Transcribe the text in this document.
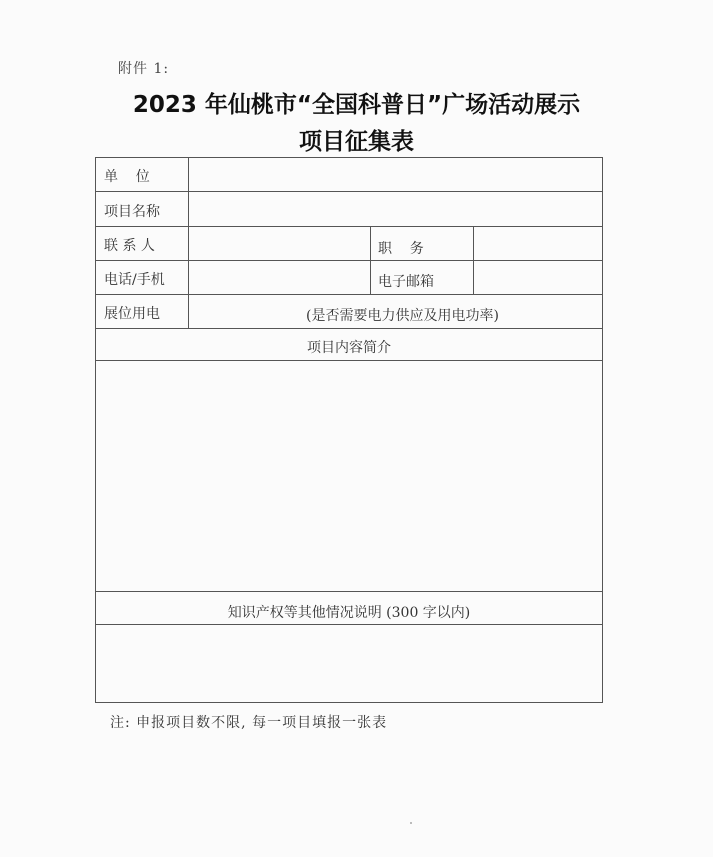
附件 1:
2023 年仙桃市“全国科普日”广场活动展示
项目征集表
单    位
项目名称
联 系 人	职    务
电话/手机	电子邮箱
展位用电	(是否需要电力供应及用电功率)
项目内容简介
知识产权等其他情况说明 (300 字以内)
注: 申报项目数不限, 每一项目填报一张表
